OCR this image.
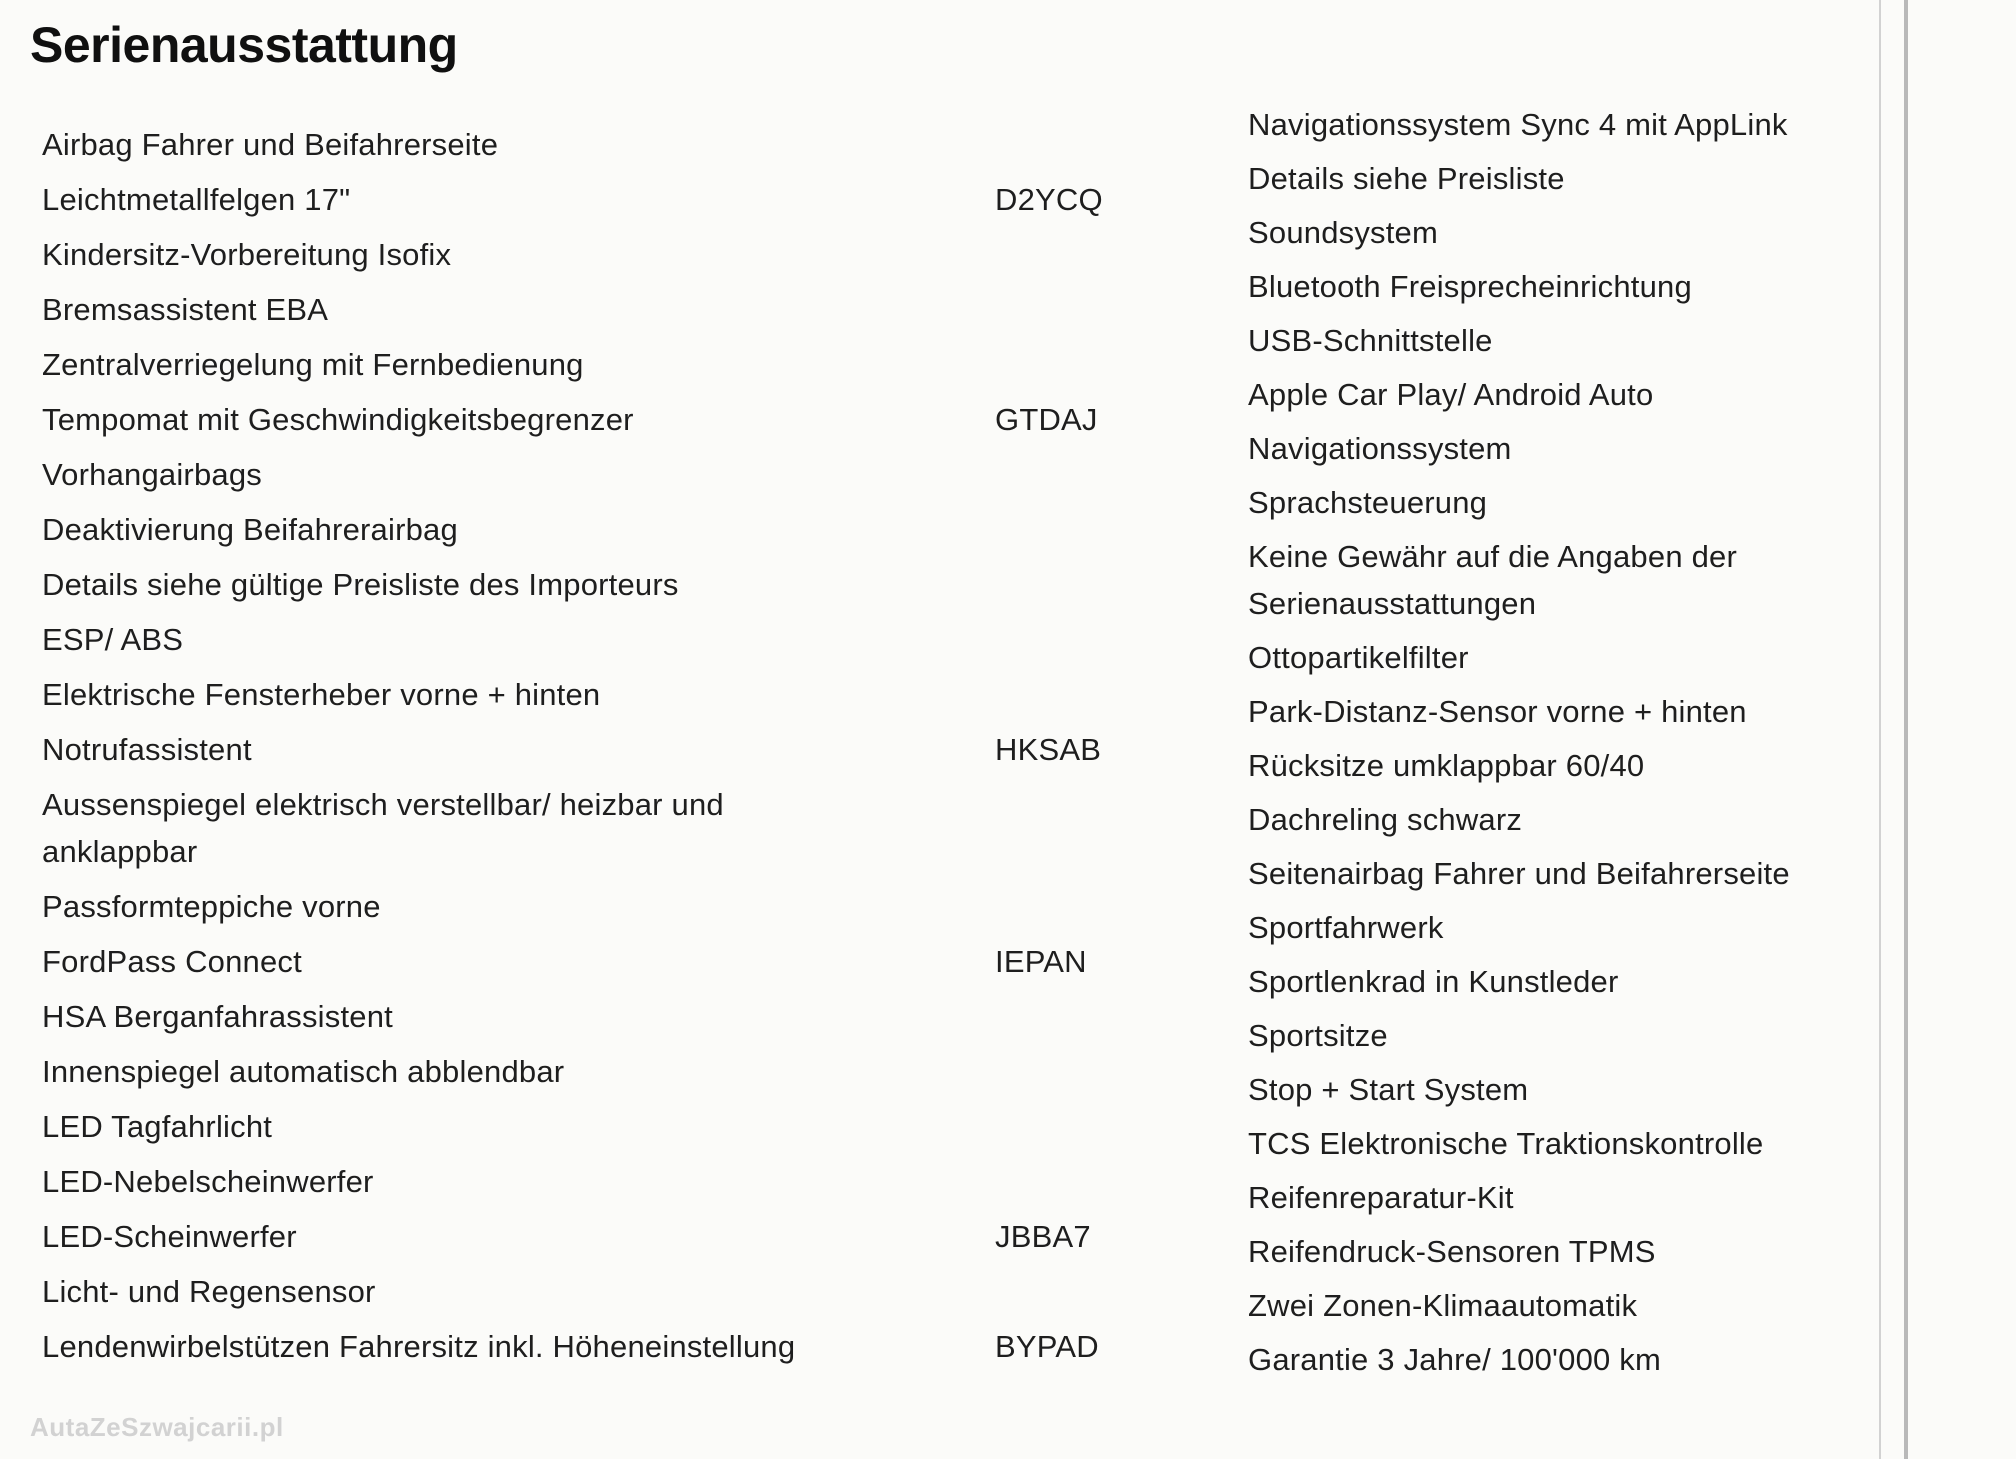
Serienausstattung
Airbag Fahrer und Beifahrerseite
Leichtmetallfelgen 17"	D2YCQ
Kindersitz-Vorbereitung Isofix
Bremsassistent EBA
Zentralverriegelung mit Fernbedienung
Tempomat mit Geschwindigkeitsbegrenzer	GTDAJ
Vorhangairbags
Deaktivierung Beifahrerairbag
Details siehe gültige Preisliste des Importeurs
ESP/ ABS
Elektrische Fensterheber vorne + hinten
Notrufassistent	HKSAB
Aussenspiegel elektrisch verstellbar/ heizbar und anklappbar
Passformteppiche vorne
FordPass Connect	IEPAN
HSA Berganfahrassistent
Innenspiegel automatisch abblendbar
LED Tagfahrlicht
LED-Nebelscheinwerfer
LED-Scheinwerfer	JBBA7
Licht- und Regensensor
Lendenwirbelstützen Fahrersitz inkl. Höheneinstellung	BYPAD
Navigationssystem Sync 4 mit AppLink
Details siehe Preisliste
Soundsystem
Bluetooth Freisprecheinrichtung
USB-Schnittstelle
Apple Car Play/ Android Auto
Navigationssystem
Sprachsteuerung
Keine Gewähr auf die Angaben der Serienausstattungen
Ottopartikelfilter
Park-Distanz-Sensor vorne + hinten
Rücksitze umklappbar 60/40
Dachreling schwarz
Seitenairbag Fahrer und Beifahrerseite
Sportfahrwerk
Sportlenkrad in Kunstleder
Sportsitze
Stop + Start System
TCS Elektronische Traktionskontrolle
Reifenreparatur-Kit
Reifendruck-Sensoren TPMS
Zwei Zonen-Klimaautomatik
Garantie 3 Jahre/ 100'000 km
AutaZeSzwajcarii.pl
